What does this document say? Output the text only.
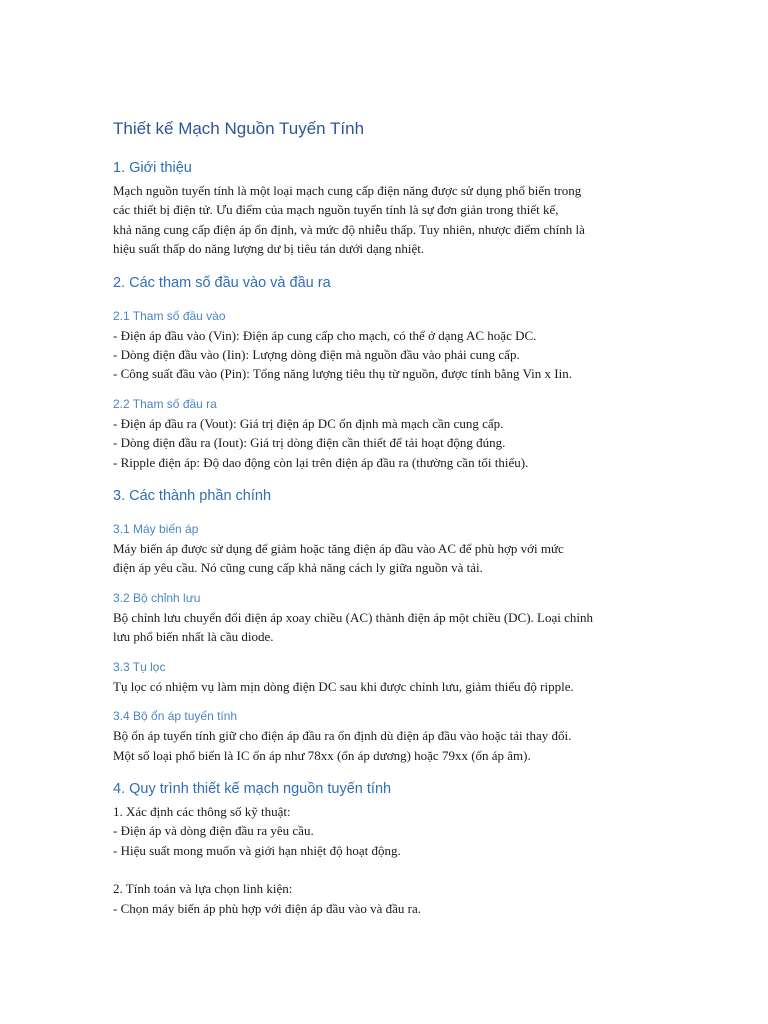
Thiết kế Mạch Nguồn Tuyến Tính
1. Giới thiệu

Mạch nguồn tuyến tính là một loại mạch cung cấp điện năng được sử dụng phổ biến trong
các thiết bị điện tử. Ưu điểm của mạch nguồn tuyến tính là sự đơn giản trong thiết kế,
khả năng cung cấp điện áp ổn định, và mức độ nhiễu thấp. Tuy nhiên, nhược điểm chính là
hiệu suất thấp do năng lượng dư bị tiêu tán dưới dạng nhiệt.

2. Các tham số đầu vào và đầu ra
2.1 Tham số đầu vào

- Điện áp đầu vào (Vin): Điện áp cung cấp cho mạch, có thể ở dạng AC hoặc DC.
- Dòng điện đầu vào (Iin): Lượng dòng điện mà nguồn đầu vào phải cung cấp.
- Công suất đầu vào (Pin): Tổng năng lượng tiêu thụ từ nguồn, được tính bằng Vin x Iin.

2.2 Tham số đầu ra

- Điện áp đầu ra (Vout): Giá trị điện áp DC ổn định mà mạch cần cung cấp.
- Dòng điện đầu ra (Iout): Giá trị dòng điện cần thiết để tải hoạt động đúng.
- Ripple điện áp: Độ dao động còn lại trên điện áp đầu ra (thường cần tối thiểu).

3. Các thành phần chính
3.1 Máy biến áp

Máy biến áp được sử dụng để giảm hoặc tăng điện áp đầu vào AC để phù hợp với mức
điện áp yêu cầu. Nó cũng cung cấp khả năng cách ly giữa nguồn và tải.

3.2 Bộ chỉnh lưu

Bộ chỉnh lưu chuyển đổi điện áp xoay chiều (AC) thành điện áp một chiều (DC). Loại chỉnh
lưu phổ biến nhất là cầu diode.

3.3 Tụ lọc

Tụ lọc có nhiệm vụ làm mịn dòng điện DC sau khi được chỉnh lưu, giảm thiểu độ ripple.

3.4 Bộ ổn áp tuyến tính

Bộ ổn áp tuyến tính giữ cho điện áp đầu ra ổn định dù điện áp đầu vào hoặc tải thay đổi.
Một số loại phổ biến là IC ổn áp như 78xx (ổn áp dương) hoặc 79xx (ổn áp âm).

4. Quy trình thiết kế mạch nguồn tuyến tính

1. Xác định các thông số kỹ thuật:
- Điện áp và dòng điện đầu ra yêu cầu.
- Hiệu suất mong muốn và giới hạn nhiệt độ hoạt động.

2. Tính toán và lựa chọn linh kiện:
- Chọn máy biến áp phù hợp với điện áp đầu vào và đầu ra.
